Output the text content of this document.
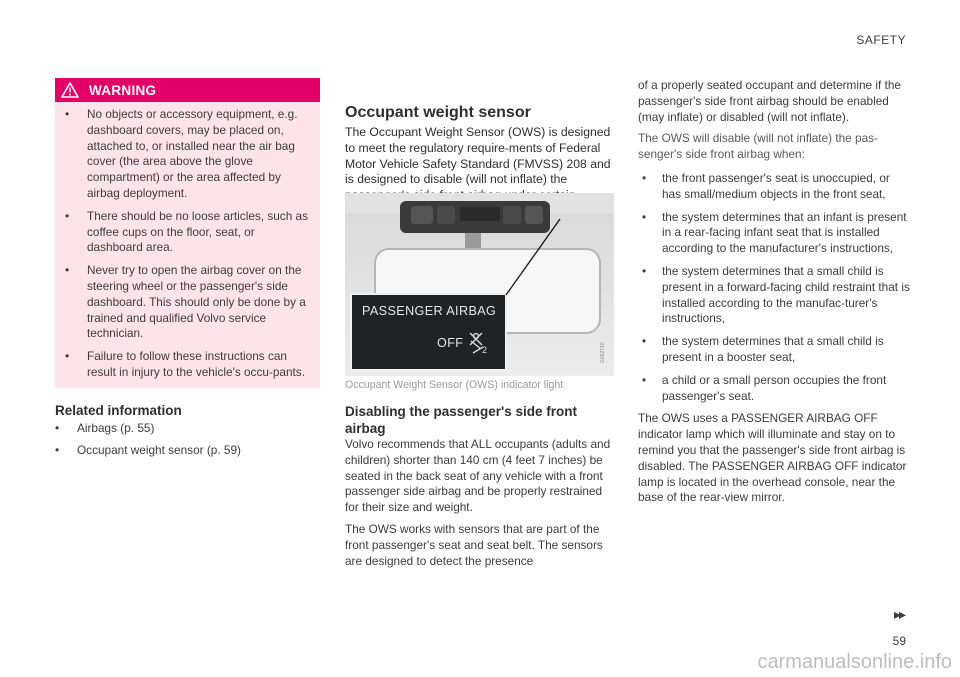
SAFETY
WARNING
• No objects or accessory equipment, e.g. dashboard covers, may be placed on, attached to, or installed near the air bag cover (the area above the glove compartment) or the area affected by airbag deployment.
• There should be no loose articles, such as coffee cups on the floor, seat, or dashboard area.
• Never try to open the airbag cover on the steering wheel or the passenger's side dashboard. This should only be done by a trained and qualified Volvo service technician.
• Failure to follow these instructions can result in injury to the vehicle's occu-pants.
Related information
• Airbags (p. 55)
• Occupant weight sensor (p. 59)
Occupant weight sensor

The Occupant Weight Sensor (OWS) is designed to meet the regulatory require-ments of Federal Motor Vehicle Safety Standard (FMVSS) 208 and is designed to disable (will not inflate) the

2	G062710
PASSENGER AIRBAG
OFF
Occupant Weight Sensor (OWS) indicator light
Disabling the passenger's side front airbag

Volvo recommends that ALL occupants (adults and children) shorter than 140 cm (4 feet 7 inches) be seated in the back seat of any vehicle with a front passenger side airbag and be properly restrained for their size and weight.

The OWS works with sensors that are part of the front passenger's seat and seat belt. The sensors are designed to detect the presence

of a properly seated occupant and determine if the passenger's side front airbag should be enabled (may inflate) or disabled (will not inflate).

The OWS will disable (will not inflate) the pas-senger's side front airbag when:

• the front passenger's seat is unoccupied, or has small/medium objects in the front seat,
• the system determines that an infant is present in a rear-facing infant seat that is installed according to the manufacturer's instructions,
• the system determines that a small child is present in a forward-facing child restraint that is installed according to the manufac-turer's instructions,
• the system determines that a small child is present in a booster seat,
• a child or a small person occupies the front passenger's seat.

The OWS uses a PASSENGER AIRBAG OFF indicator lamp which will illuminate and stay on to remind you that the passenger's side front airbag is disabled. The PASSENGER AIRBAG OFF indicator lamp is located in the overhead console, near the base of the rear-view mirror.

▸▸
59
carmanualsonline.info
